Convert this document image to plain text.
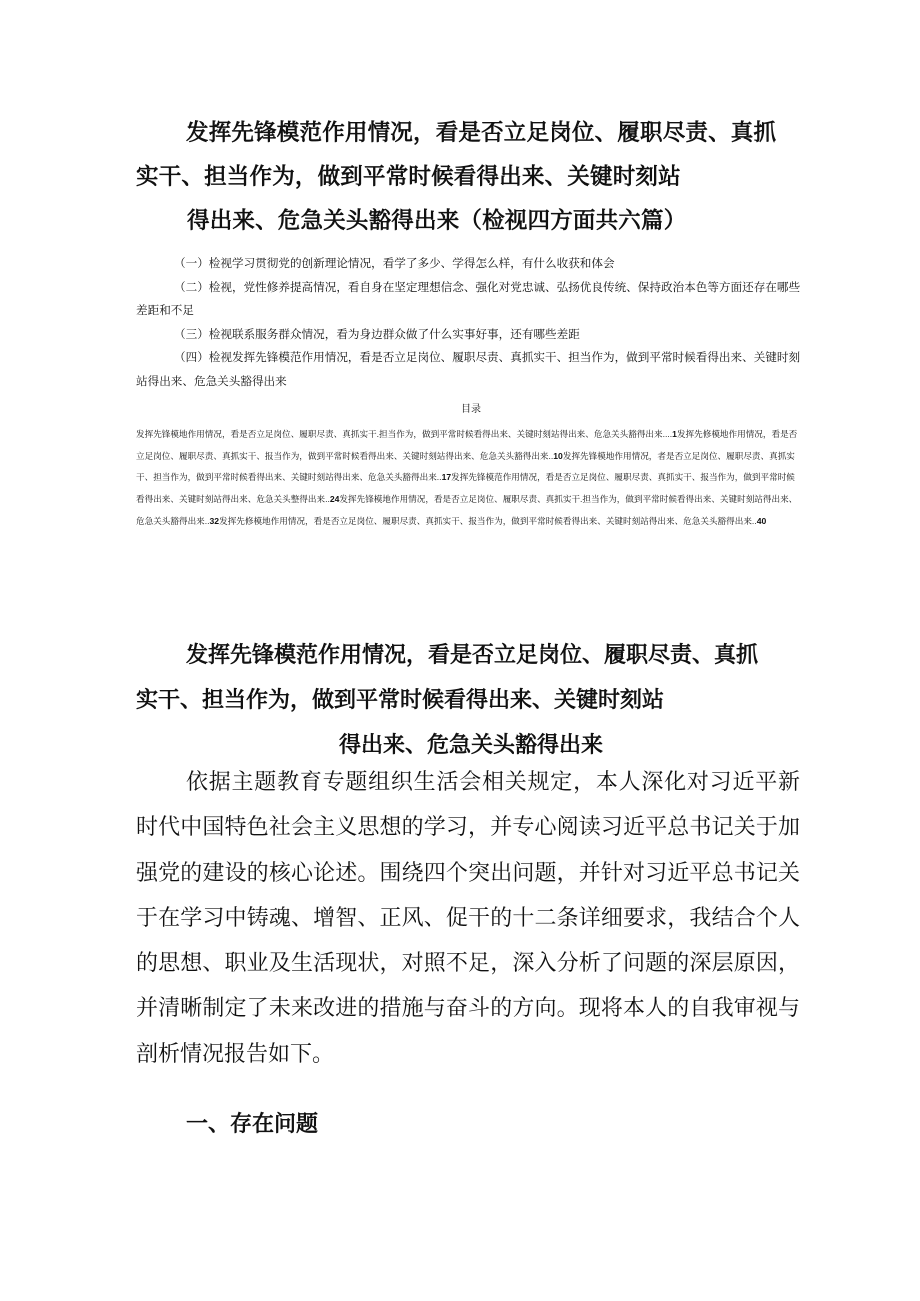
发挥先锋模范作用情况，看是否立足岗位、履职尽责、真抓
实干、担当作为，做到平常时候看得出来、关键时刻站
得出来、危急关头豁得出来（检视四方面共六篇）

（一）检视学习贯彻党的创新理论情况，看学了多少、学得怎么样，有什么收获和体会

（二）检视，党性修养提高情况，看自身在坚定理想信念、强化对党忠诚、弘扬优良传统、保持政治本色等方面还存在哪些差距和不足

（三）检视联系服务群众情况，看为身边群众做了什么实事好事，还有哪些差距

（四）检视发挥先锋模范作用情况，看是否立足岗位、履职尽责、真抓实干、担当作为，做到平常时候看得出来、关键时刻站得出来、危急关头豁得出来

目录
发挥先锋模地作用情况，看是否立足岗位、履职尽责、真抓实干.担当作为，做到平常时候看得出来、关键时刻站得出来、危急关头豁得出来....1发挥先修模地作用情况，看是否立足岗位、履职尽责、真抓实干、报当作为，做到平常时候看得出来、关键时刻站得出来、危急关头豁得出来..10发挥先锋模地作用情况，者是否立足岗位、履职尽责、真抓实干、担当作为，做到平常时候看得出来、关键时刻站得出来、危急关头豁得出来..17发挥先锋模范作用情况，看是否立足岗位、履职尽责、真抓实干、报当作为，做到平常时候看得出来、关键时刻站得出来、危急关头整得出来..24发挥先锋模地作用情况，看是否立足岗位、履职尽责、真抓实干.担当作为，做到平常时候看得出来、关键时刻站得出来、危急关头豁得出来..32发挥先修模地作用情况，看是否立足岗位、履职尽责、真抓实干、报当作为，做到平常时候看得出来、关键时刻站得出来、危急关头豁得出来..40
发挥先锋模范作用情况，看是否立足岗位、履职尽责、真抓
实干、担当作为，做到平常时候看得出来、关键时刻站
得出来、危急关头豁得出来

依据主题教育专题组织生活会相关规定，本人深化对习近平新时代中国特色社会主义思想的学习，并专心阅读习近平总书记关于加强党的建设的核心论述。围绕四个突出问题，并针对习近平总书记关于在学习中铸魂、增智、正风、促干的十二条详细要求，我结合个人的思想、职业及生活现状，对照不足，深入分析了问题的深层原因，并清晰制定了未来改进的措施与奋斗的方向。现将本人的自我审视与剖析情况报告如下。

一、存在问题
